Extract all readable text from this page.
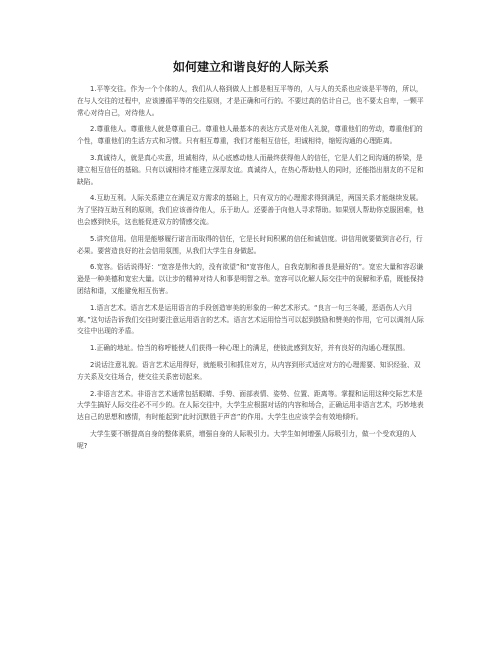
如何建立和谐良好的人际关系

1.平等交往。作为一个个体的人，我们从人格到做人上都是相互平等的，人与人的关系也应该是平等的，所以，在与人交往的过程中，应该遵循平等的交往原则，才是正确和可行的。不要过高的估计自己，也不要太自卑，一颗平常心对待自己，对待他人。

2.尊重他人。尊重他人就是尊重自己。尊重他人最基本的表达方式是对他人礼貌，尊重他们的劳动，尊重他们的个性，尊重他们的生活方式和习惯。只有相互尊重，我们才能相互信任，坦诚相待，缩短沟通的心理距离。

3.真诚待人，就是真心实意，坦诚相待，从心底感动他人而最终获得他人的信任，它是人们之间沟通的桥梁，是建立相互信任的基础。只有以诚相待才能建立深厚友谊。真诚待人，在热心帮助他人的同时，还能指出朋友的不足和缺陷。

4.互助互利。人际关系建立在满足双方需求的基础上，只有双方的心理需求得到满足，两国关系才能继续发展。为了坚持互助互利的原则，我们应该善待他人，乐于助人。还要善于向他人寻求帮助。如果别人帮助你克服困难，他也会感到快乐，这也能促进双方的情感交流。

5.讲究信用。信用是能够履行诺言而取得的信任，它是长时间积累的信任和诚信度。讲信用就要做到言必行，行必果。要营造良好的社会信用氛围，从我们大学生自身做起。

6.宽容。俗话说得好：“宽容是伟大的，没有欲望”和“宽容他人，自我克制和善良是最好的”。宽宏大量和容忍谦逊是一种美德和宽宏大量。以让步的精神对待人和事是明智之举。宽容可以化解人际交往中的误解和矛盾，既能保持团结和谐，又能避免相互伤害。

1.语言艺术。语言艺术是运用语言的手段创造审美的形象的一种艺术形式。“良言一句三冬暖，恶语伤人六月寒。”这句话告诉我们交往时要注意运用语言的艺术。语言艺术运用恰当可以起到鼓励和赞美的作用，它可以调剂人际交往中出现的矛盾。

1.正确的地址。恰当的称呼能使人们获得一种心理上的满足，使彼此感到友好，并有良好的沟通心理氛围。

2说话注意礼貌。语言艺术运用得好，就能吸引和抓住对方，从内容到形式适应对方的心理需要、知识经验、双方关系及交往场合，使交往关系密切起来。

2.非语言艺术。非语言艺术通常包括眼睛、手势、面部表情、姿势、位置、距离等。掌握和运用这种交际艺术是大学生搞好人际交往必不可少的。在人际交往中，大学生应根据对话的内容和场合，正确运用非语言艺术，巧妙地表达自己的思想和感情，有时能起到“此时沉默胜于声音”的作用。大学生也应该学会有效地倾听。

大学生要不断提高自身的整体素质，增强自身的人际吸引力。大学生如何增强人际吸引力，做一个受欢迎的人呢?
